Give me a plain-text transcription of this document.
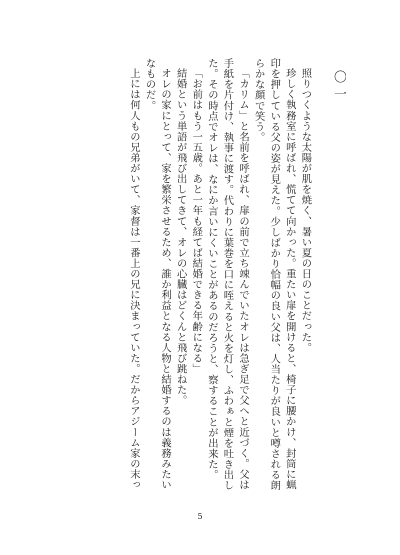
〇一

照りつくような太陽が肌を焼く、暑い夏の日のことだった。

珍しく執務室に呼ばれ、慌てて向かった。重たい扉を開けると、椅子に腰かけ、封筒に蝋印を押している父の姿が見えた。少しばかり恰幅の良い父は、人当たりが良いと噂される朗らかな顔で笑う。

「カリム」と名前を呼ばれ、扉の前で立ち竦んでいたオレは急ぎ足で父へと近づく。父は手紙を片付け、執事に渡す。代わりに葉巻を口に咥えると火を灯し、ふわぁと煙を吐き出した。その時点でオレは、なにか言いにくいことがあるのだろうと、察することが出来た。

「お前はもう一五歳。あと一年も経てば結婚できる年齢になる」

結婚という単語が飛び出してきて、オレの心臓はどくんと飛び跳ねた。

オレの家にとって、家を繁栄させるため、誰か利益となる人物と結婚するのは義務みたいなものだ。

上には何人もの兄弟がいて、家督は一番上の兄に決まっていた。だからアジーム家の末っ

5
